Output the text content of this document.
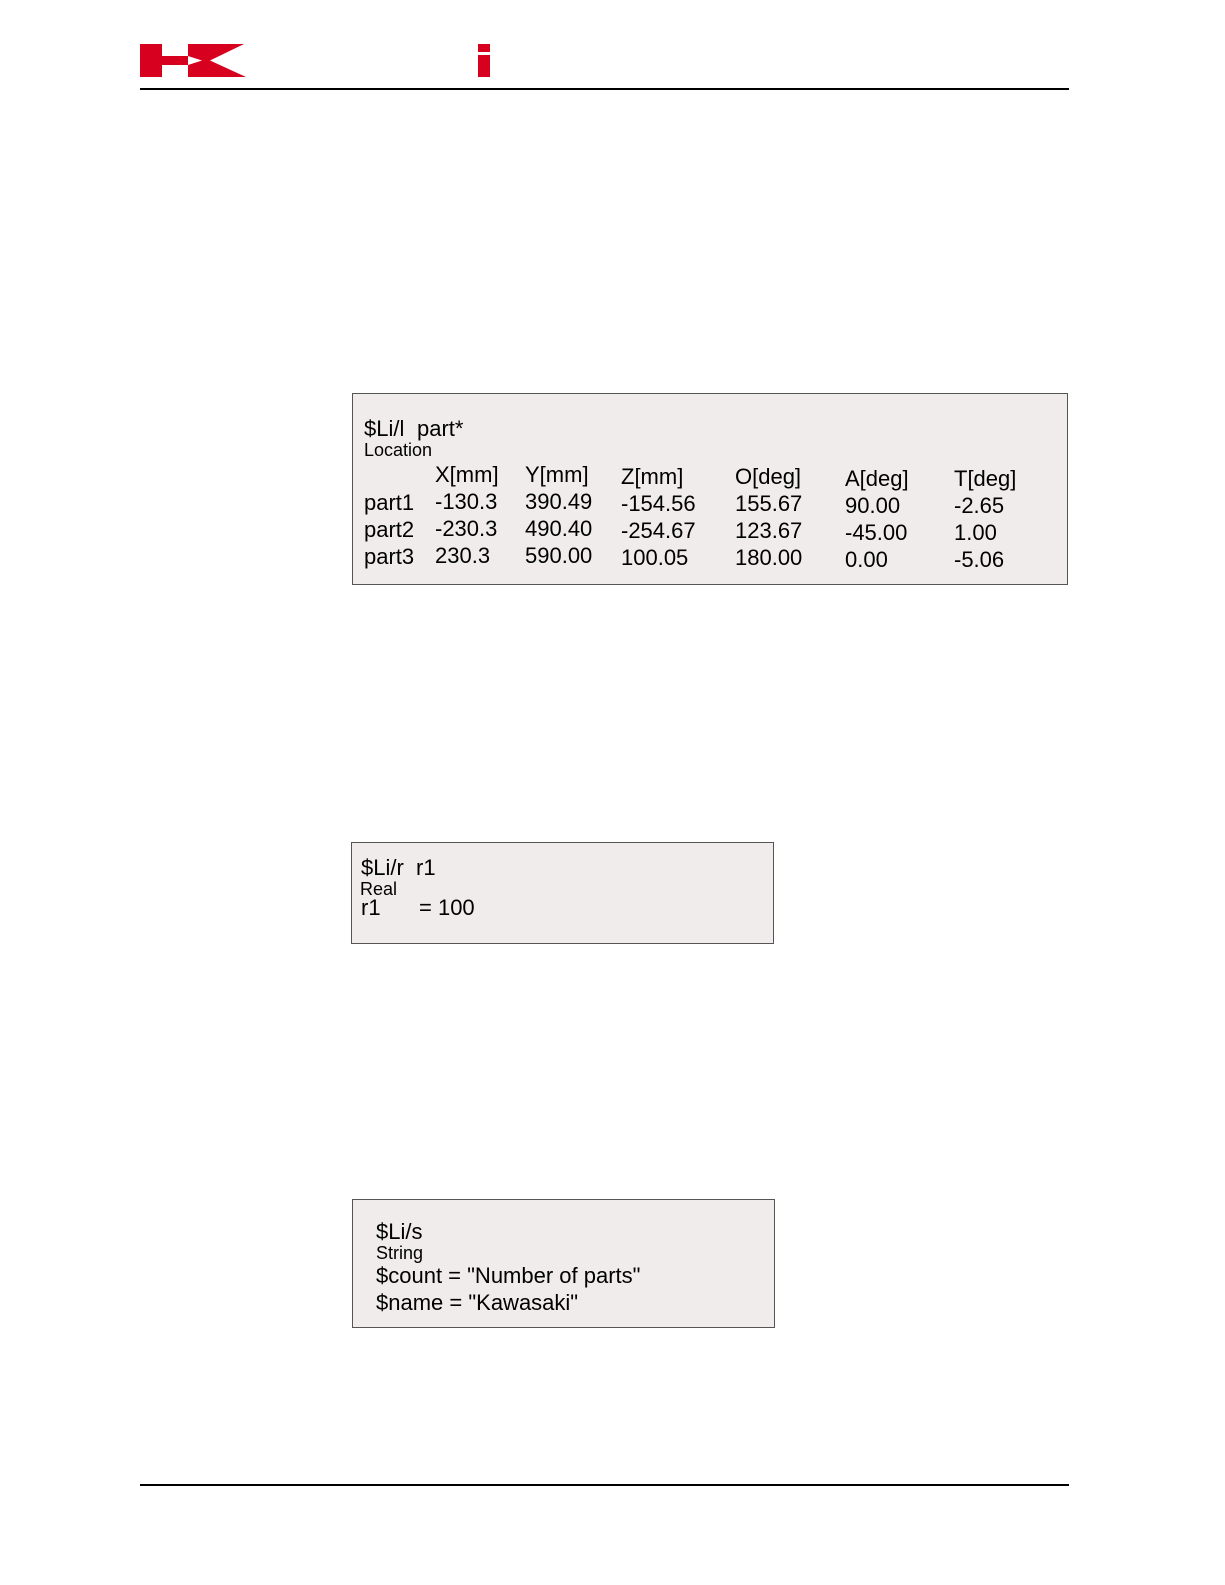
$Li/l part*
Location
X[mm] Y[mm] Z[mm] O[deg] A[deg] T[deg]
part1 -130.3 390.49 -154.56 155.67 90.00 -2.65
part2 -230.3 490.40 -254.67 123.67 -45.00 1.00
part3 230.3 590.00 100.05 180.00 0.00	-5.06
$Li/r r1
Real
r1 = 100
$Li/s
String
$count = "Number of parts"
$name = "Kawasaki"
